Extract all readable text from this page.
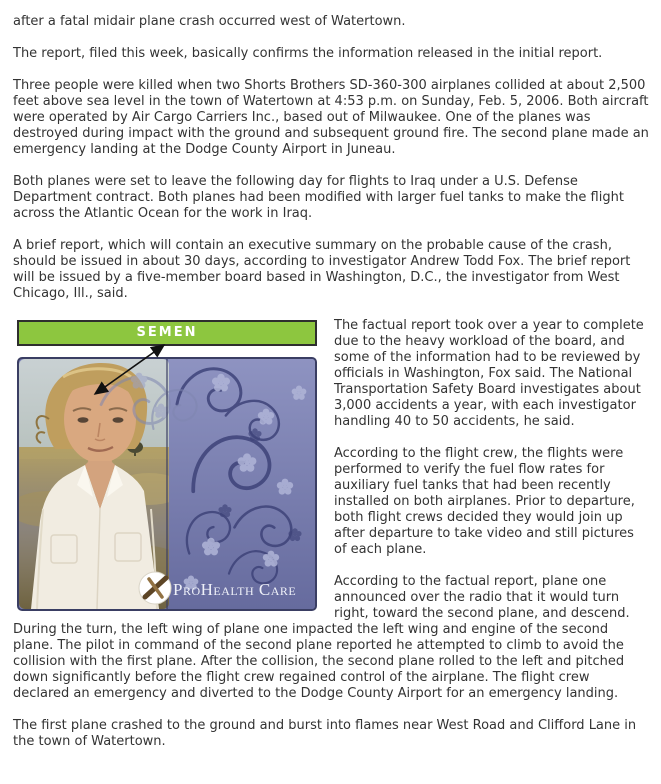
after a fatal midair plane crash occurred west of Watertown.

The report, filed this week, basically confirms the information released in the initial report.

Three people were killed when two Shorts Brothers SD-360-300 airplanes collided at about 2,500 feet above sea level in the town of Watertown at 4:53 p.m. on Sunday, Feb. 5, 2006. Both aircraft were operated by Air Cargo Carriers Inc., based out of Milwaukee. One of the planes was destroyed during impact with the ground and subsequent ground fire. The second plane made an emergency landing at the Dodge County Airport in Juneau.

Both planes were set to leave the following day for flights to Iraq under a U.S. Defense Department contract. Both planes had been modified with larger fuel tanks to make the flight across the Atlantic Ocean for the work in Iraq.

A brief report, which will contain an executive summary on the probable cause of the crash, should be issued in about 30 days, according to investigator Andrew Todd Fox. The brief report will be issued by a five-member board based in Washington, D.C., the investigator from West Chicago, Ill., said.

SEMEN
ProHealth Care

The factual report took over a year to complete due to the heavy workload of the board, and some of the information had to be reviewed by officials in Washington, Fox said. The National Transportation Safety Board investigates about 3,000 accidents a year, with each investigator handling 40 to 50 accidents, he said.

According to the flight crew, the flights were performed to verify the fuel flow rates for auxiliary fuel tanks that had been recently installed on both airplanes. Prior to departure, both flight crews decided they would join up after departure to take video and still pictures of each plane.

According to the factual report, plane one announced over the radio that it would turn right, toward the second plane, and descend. During the turn, the left wing of plane one impacted the left wing and engine of the second plane. The pilot in command of the second plane reported he attempted to climb to avoid the collision with the first plane. After the collision, the second plane rolled to the left and pitched down significantly before the flight crew regained control of the airplane. The flight crew declared an emergency and diverted to the Dodge County Airport for an emergency landing.

The first plane crashed to the ground and burst into flames near West Road and Clifford Lane in the town of Watertown.
